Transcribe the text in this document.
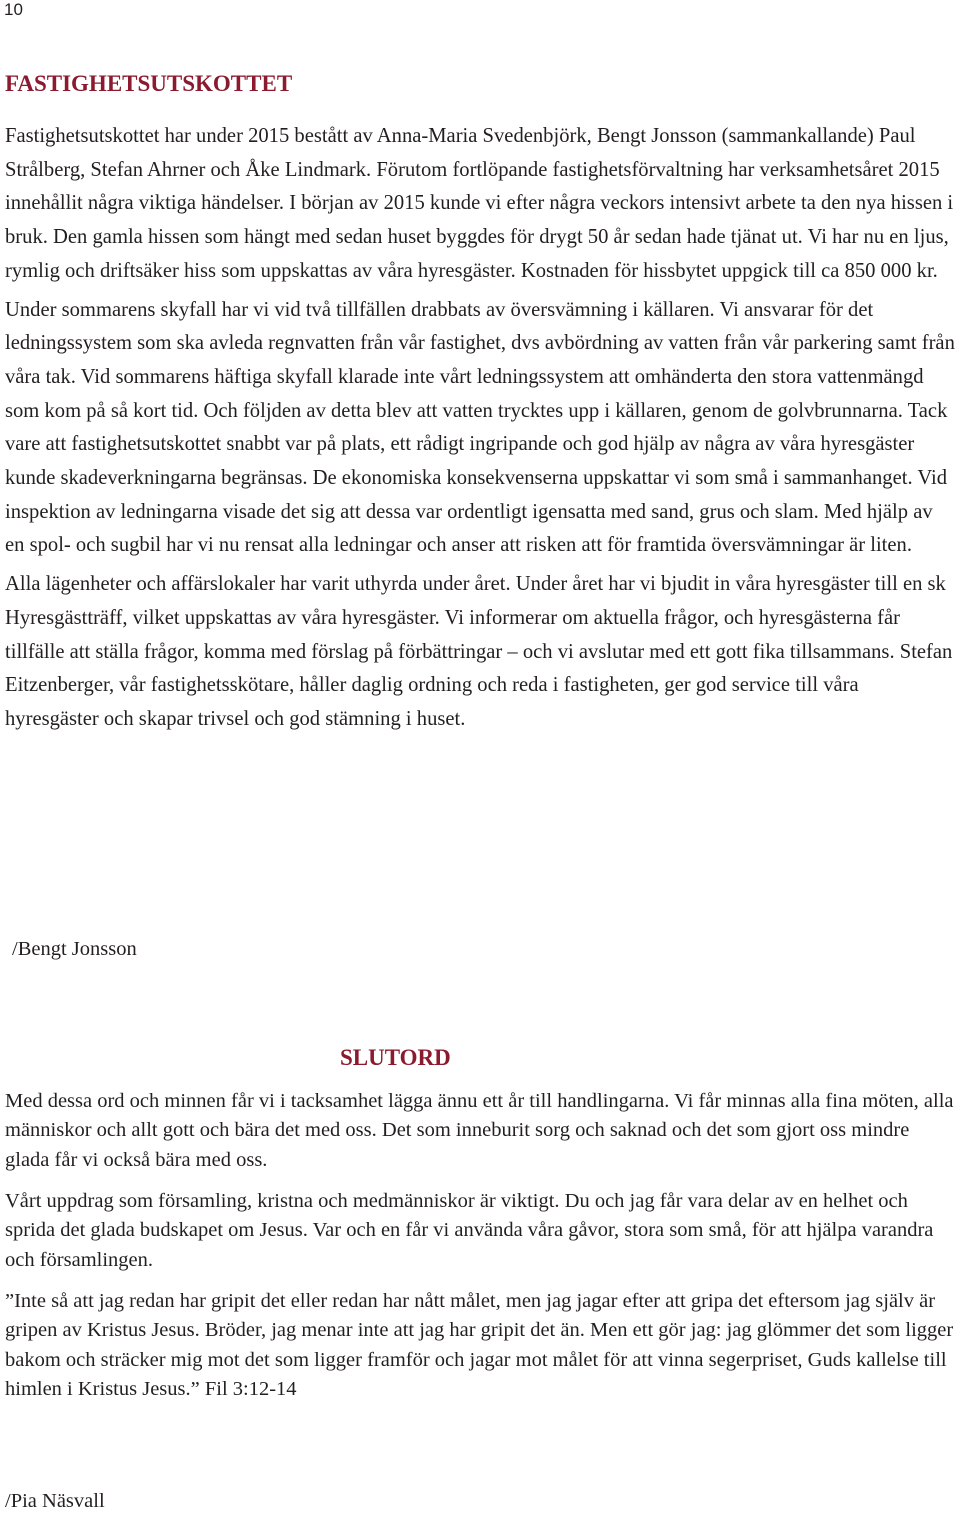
10
FASTIGHETSUTSKOTTET

Fastighetsutskottet har under 2015 bestått av Anna-Maria Svedenbjörk, Bengt Jonsson (sammankallande) Paul Strålberg, Stefan Ahrner och Åke Lindmark. Förutom fortlöpande fastighetsförvaltning har verksamhetsåret 2015 innehållit några viktiga händelser. I början av 2015 kunde vi efter några veckors intensivt arbete ta den nya hissen i bruk. Den gamla hissen som hängt med sedan huset byggdes för drygt 50 år sedan hade tjänat ut. Vi har nu en ljus, rymlig och driftsäker hiss som uppskattas av våra hyresgäster. Kostnaden för hissbytet uppgick till ca 850 000 kr.

Under sommarens skyfall har vi vid två tillfällen drabbats av översvämning i källaren. Vi ansvarar för det ledningssystem som ska avleda regnvatten från vår fastighet, dvs avbördning av vatten från vår parkering samt från våra tak. Vid sommarens häftiga skyfall klarade inte vårt ledningssystem att omhänderta den stora vattenmängd som kom på så kort tid. Och följden av detta blev att vatten trycktes upp i källaren, genom de golvbrunnarna. Tack vare att fastighetsutskottet snabbt var på plats, ett rådigt ingripande och god hjälp av några av våra hyresgäster kunde skadeverkningarna begränsas. De ekonomiska konsekvenserna uppskattar vi som små i sammanhanget. Vid inspektion av ledningarna visade det sig att dessa var ordentligt igensatta med sand, grus och slam. Med hjälp av en spol- och sugbil har vi nu rensat alla ledningar och anser att risken att för framtida översvämningar är liten.

Alla lägenheter och affärslokaler har varit uthyrda under året. Under året har vi bjudit in våra hyresgäster till en sk Hyresgästträff, vilket uppskattas av våra hyresgäster. Vi informerar om aktuella frågor, och hyresgästerna får tillfälle att ställa frågor, komma med förslag på förbättringar – och vi avslutar med ett gott fika tillsammans. Stefan Eitzenberger, vår fastighetsskötare, håller daglig ordning och reda i fastigheten, ger god service till våra hyresgäster och skapar trivsel och god stämning i huset.

/Bengt Jonsson

SLUTORD

Med dessa ord och minnen får vi i tacksamhet lägga ännu ett år till handlingarna. Vi får minnas alla fina möten, alla människor och allt gott och bära det med oss. Det som inneburit sorg och saknad och det som gjort oss mindre glada får vi också bära med oss.

Vårt uppdrag som församling, kristna och medmänniskor är viktigt. Du och jag får vara delar av en helhet och sprida det glada budskapet om Jesus. Var och en får vi använda våra gåvor, stora som små, för att hjälpa varandra och församlingen.

”Inte så att jag redan har gripit det eller redan har nått målet, men jag jagar efter att gripa det eftersom jag själv är gripen av Kristus Jesus. Bröder, jag menar inte att jag har gripit det än. Men ett gör jag: jag glömmer det som ligger bakom och sträcker mig mot det som ligger framför och jagar mot målet för att vinna segerpriset, Guds kallelse till himlen i Kristus Jesus.” Fil 3:12-14

/Pia Näsvall
